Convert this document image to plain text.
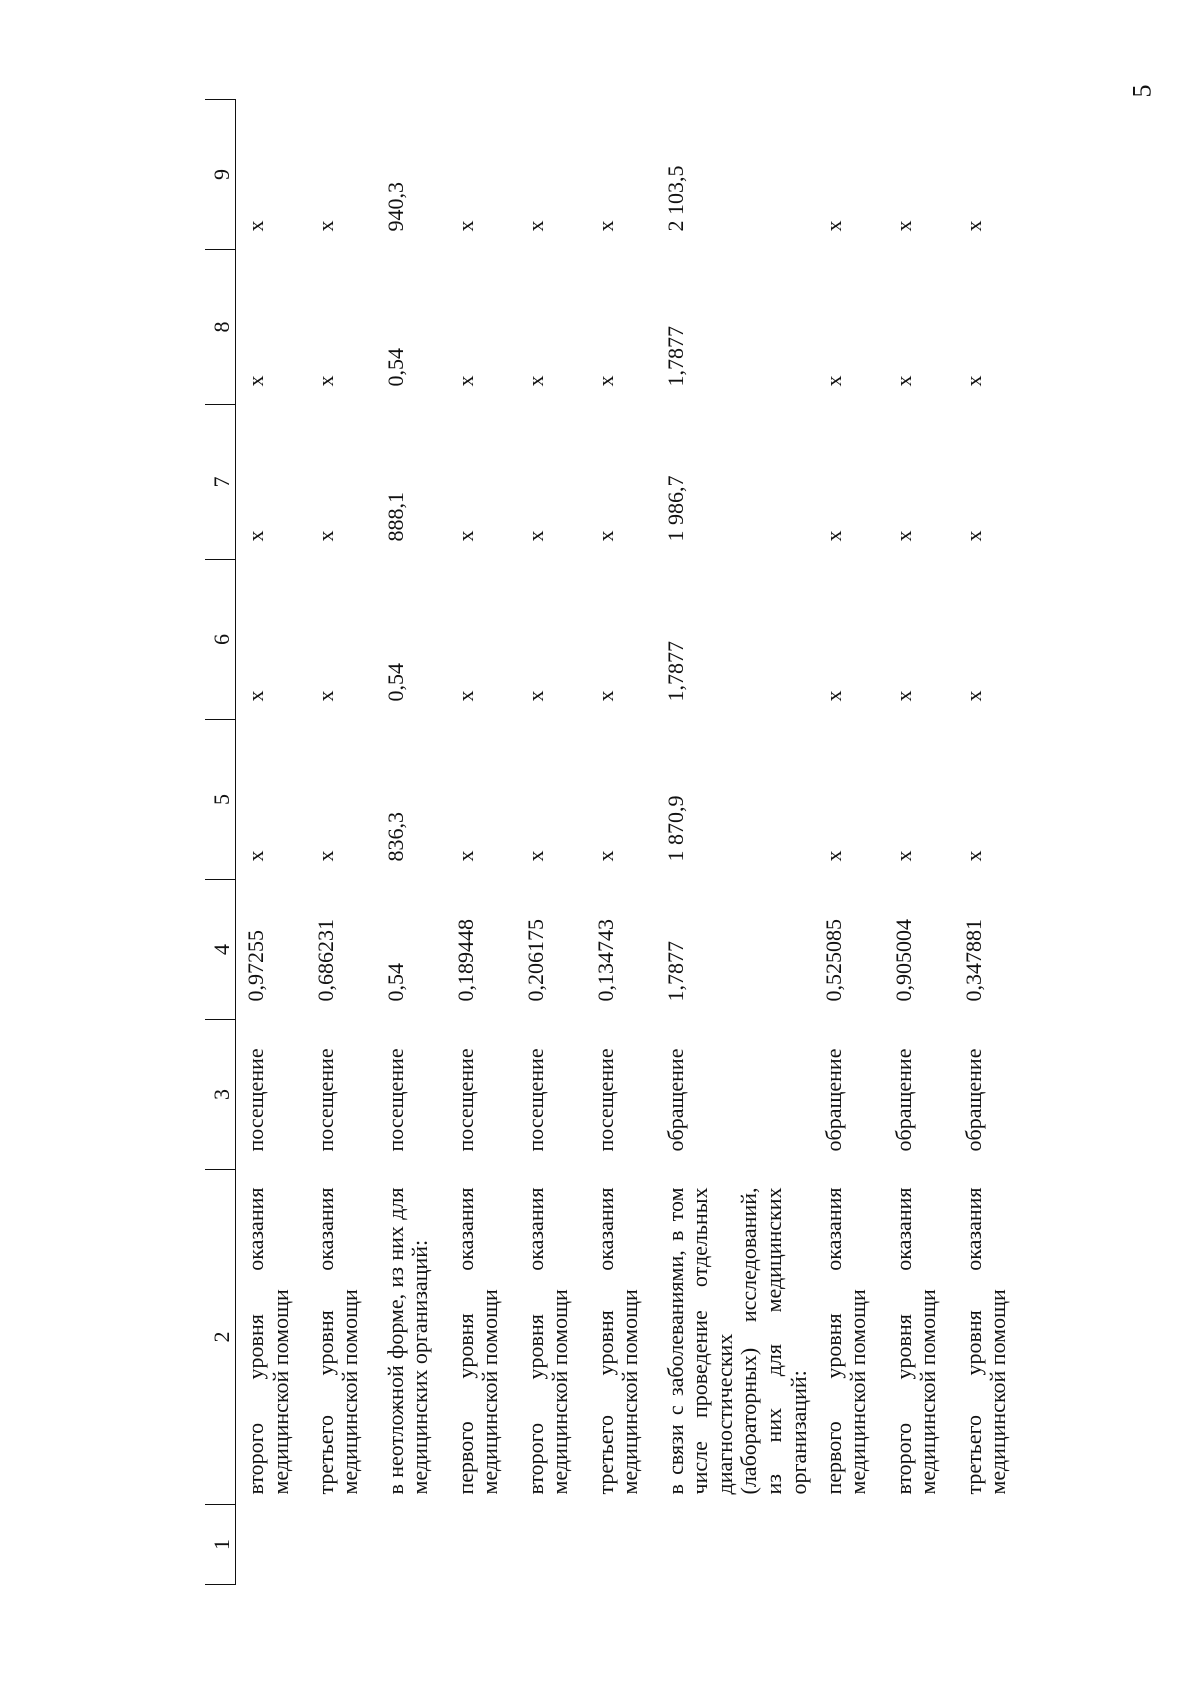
5
1	2	3	4	5	6	7	8	9
	второго уровня оказания медицинской помощи	посещение	0,97255	x	x	x	x	x
	третьего уровня оказания медицинской помощи	посещение	0,686231	x	x	x	x	x
	в неотложной форме, из них для медицинских организаций:	посещение	0,54	836,3	0,54	888,1	0,54	940,3
	первого уровня оказания медицинской помощи	посещение	0,189448	x	x	x	x	x
	второго уровня оказания медицинской помощи	посещение	0,206175	x	x	x	x	x
	третьего уровня оказания медицинской помощи	посещение	0,134743	x	x	x	x	x
	в связи с заболеваниями, в том числе проведение отдельных диагностических (лабораторных) исследований, из них для медицинских организаций:	обращение	1,7877	1 870,9	1,7877	1 986,7	1,7877	2 103,5
	первого уровня оказания медицинской помощи	обращение	0,525085	x	x	x	x	x
	второго уровня оказания медицинской помощи	обращение	0,905004	x	x	x	x	x
	третьего уровня оказания медицинской помощи	обращение	0,347881	x	x	x	x	x
